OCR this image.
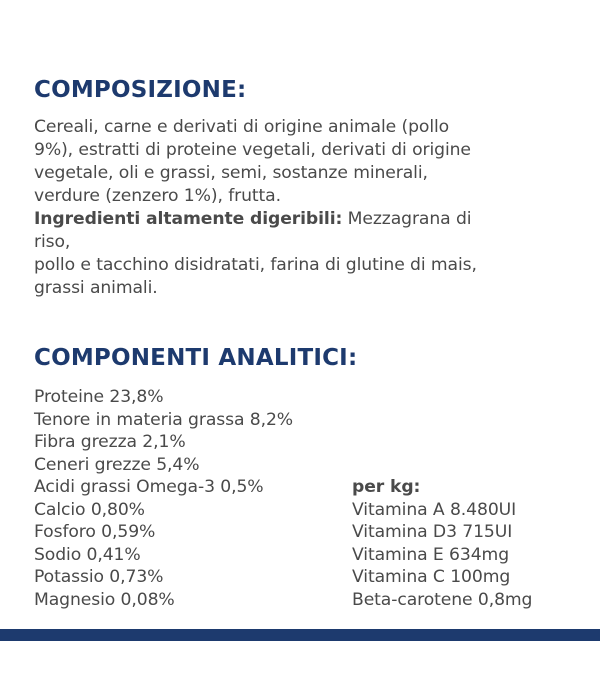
COMPOSIZIONE:
Cereali, carne e derivati di origine animale (pollo
9%), estratti di proteine vegetali, derivati di origine
vegetale, oli e grassi, semi, sostanze minerali,
verdure (zenzero 1%), frutta.
Ingredienti altamente digeribili: Mezzagrana di
riso,
pollo e tacchino disidratati, farina di glutine di mais,
grassi animali.
COMPONENTI ANALITICI:
Proteine 23,8%
Tenore in materia grassa 8,2%
Fibra grezza 2,1%
Ceneri grezze 5,4%
Acidi grassi Omega-3 0,5%
Calcio 0,80%
Fosforo 0,59%
Sodio 0,41%
Potassio 0,73%
Magnesio 0,08%
per kg:
Vitamina A 8.480UI
Vitamina D3 715UI
Vitamina E 634mg
Vitamina C 100mg
Beta-carotene 0,8mg
